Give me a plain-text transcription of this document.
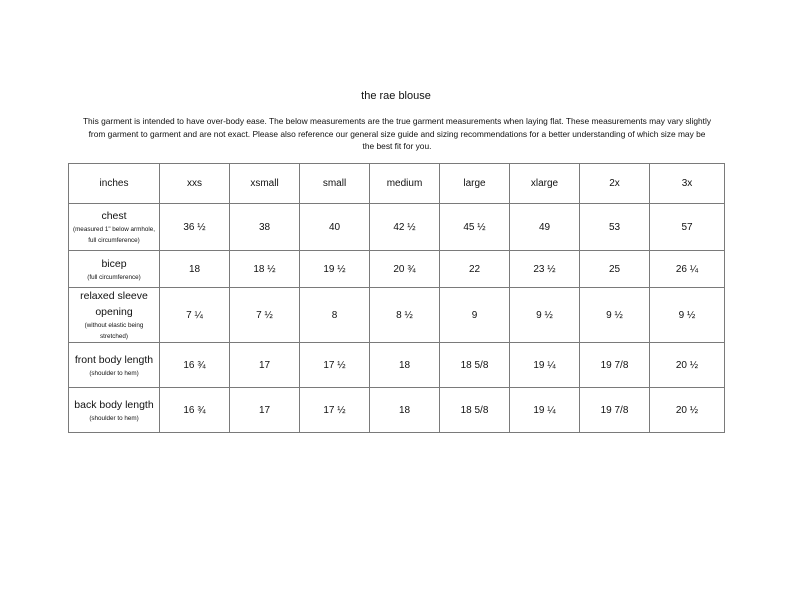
the rae blouse
This garment is intended to have over-body ease. The below measurements are the true garment measurements when laying flat. These measurements may vary slightly from garment to garment and are not exact. Please also reference our general size guide and sizing recommendations for a better understanding of which size may be the best fit for you.
inches	xxs	xsmall	small	medium	large	xlarge	2x	3x

chest
(measured 1" below armhole, full circumference)	36 ½	38	40	42 ½	45 ½	49	53	57

bicep
(full circumference)	18	18 ½	19 ½	20 ¾	22	23 ½	25	26 ¼

relaxed sleeve opening
(without elastic being stretched)	7 ¼	7 ½	8	8 ½	9	9 ½	9 ½	9 ½

front body length
(shoulder to hem)	16 ¾	17	17 ½	18	18 5/8	19 ¼	19 7/8	20 ½

back body length
(shoulder to hem)	16 ¾	17	17 ½	18	18 5/8	19 ¼	19 7/8	20 ½
